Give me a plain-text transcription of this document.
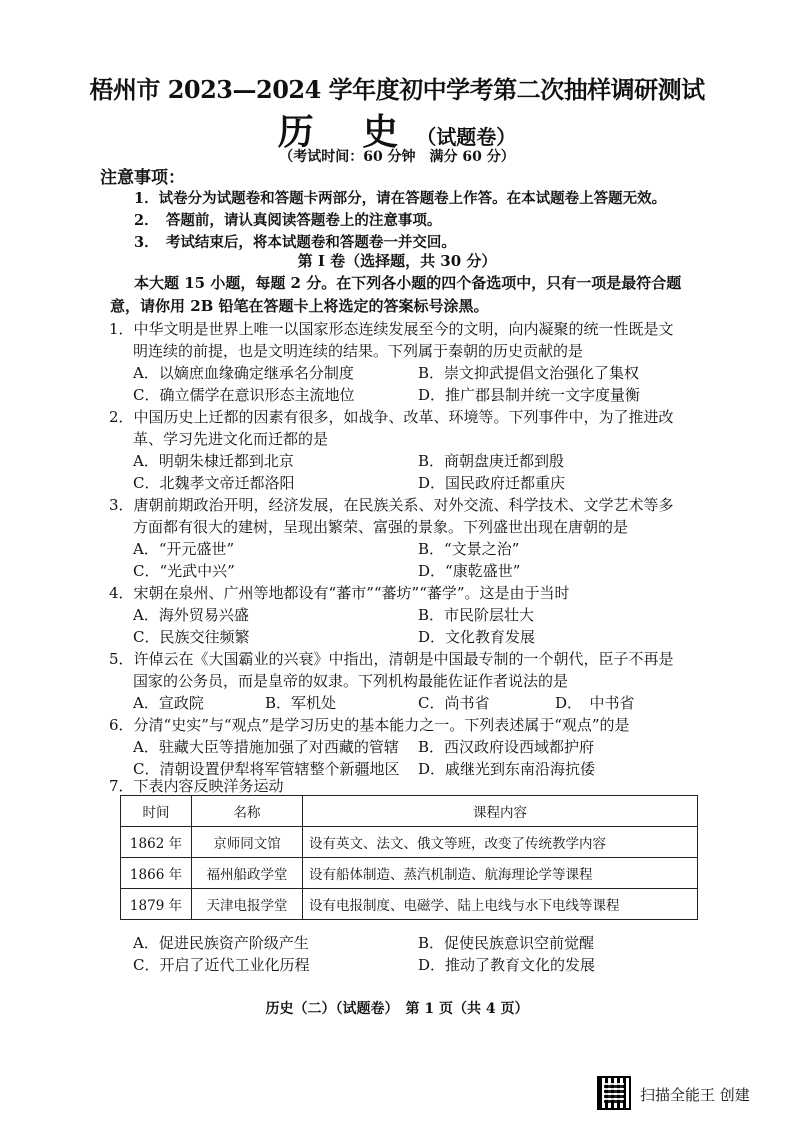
梧州市 2023—2024 学年度初中学考第二次抽样调研测试
历 史（试题卷）
（考试时间：60 分钟　满分 60 分）
注意事项：
1．试卷分为试题卷和答题卡两部分，请在答题卷上作答。在本试题卷上答题无效。
2．　答题前，请认真阅读答题卷上的注意事项。
3．　考试结束后，将本试题卷和答题卷一并交回。
第 I 卷（选择题，共 30 分）
本大题 15 小题，每题 2 分。在下列各小题的四个备选项中，只有一项是最符合题
意，请你用 2B 铅笔在答题卡上将选定的答案标号涂黑。
1．中华文明是世界上唯一以国家形态连续发展至今的文明，向内凝聚的统一性既是文
明连续的前提，也是文明连续的结果。下列属于秦朝的历史贡献的是
A．以嫡庶血缘确定继承名分制度	B．崇文抑武提倡文治强化了集权
C．确立儒学在意识形态主流地位	D．推广郡县制并统一文字度量衡
2．中国历史上迁都的因素有很多，如战争、改革、环境等。下列事件中，为了推进改
革、学习先进文化而迁都的是
A．明朝朱棣迁都到北京	B．商朝盘庚迁都到殷
C．北魏孝文帝迁都洛阳	D．国民政府迁都重庆
3．唐朝前期政治开明，经济发展，在民族关系、对外交流、科学技术、文学艺术等多
方面都有很大的建树，呈现出繁荣、富强的景象。下列盛世出现在唐朝的是
A．“开元盛世”	B．“文景之治”
C．“光武中兴”	D．“康乾盛世”
4．宋朝在泉州、广州等地都设有“蕃市”“蕃坊”“蕃学”。这是由于当时
A．海外贸易兴盛	B．市民阶层壮大
C．民族交往频繁	D．文化教育发展
5．许倬云在《大国霸业的兴衰》中指出，清朝是中国最专制的一个朝代，臣子不再是
国家的公务员，而是皇帝的奴隶。下列机构最能佐证作者说法的是
A．宣政院	B．军机处	C．尚书省	D．　中书省
6．分清“史实”与“观点”是学习历史的基本能力之一。下列表述属于“观点”的是
A．驻藏大臣等措施加强了对西藏的管辖 B．西汉政府设西域都护府
C．清朝设置伊犁将军管辖整个新疆地区 D．戚继光到东南沿海抗倭
7．下表内容反映洋务运动
时间	名称	课程内容
1862 年	京师同文馆	设有英文、法文、俄文等班，改变了传统教学内容
1866 年	福州船政学堂	设有船体制造、蒸汽机制造、航海理论学等课程
1879 年	天津电报学堂	设有电报制度、电磁学、陆上电线与水下电线等课程
A．促进民族资产阶级产生	B．促使民族意识空前觉醒
C．开启了近代工业化历程	D．推动了教育文化的发展
历史（二）（试题卷）　第 1 页（共 4 页）
扫描全能王 创建
